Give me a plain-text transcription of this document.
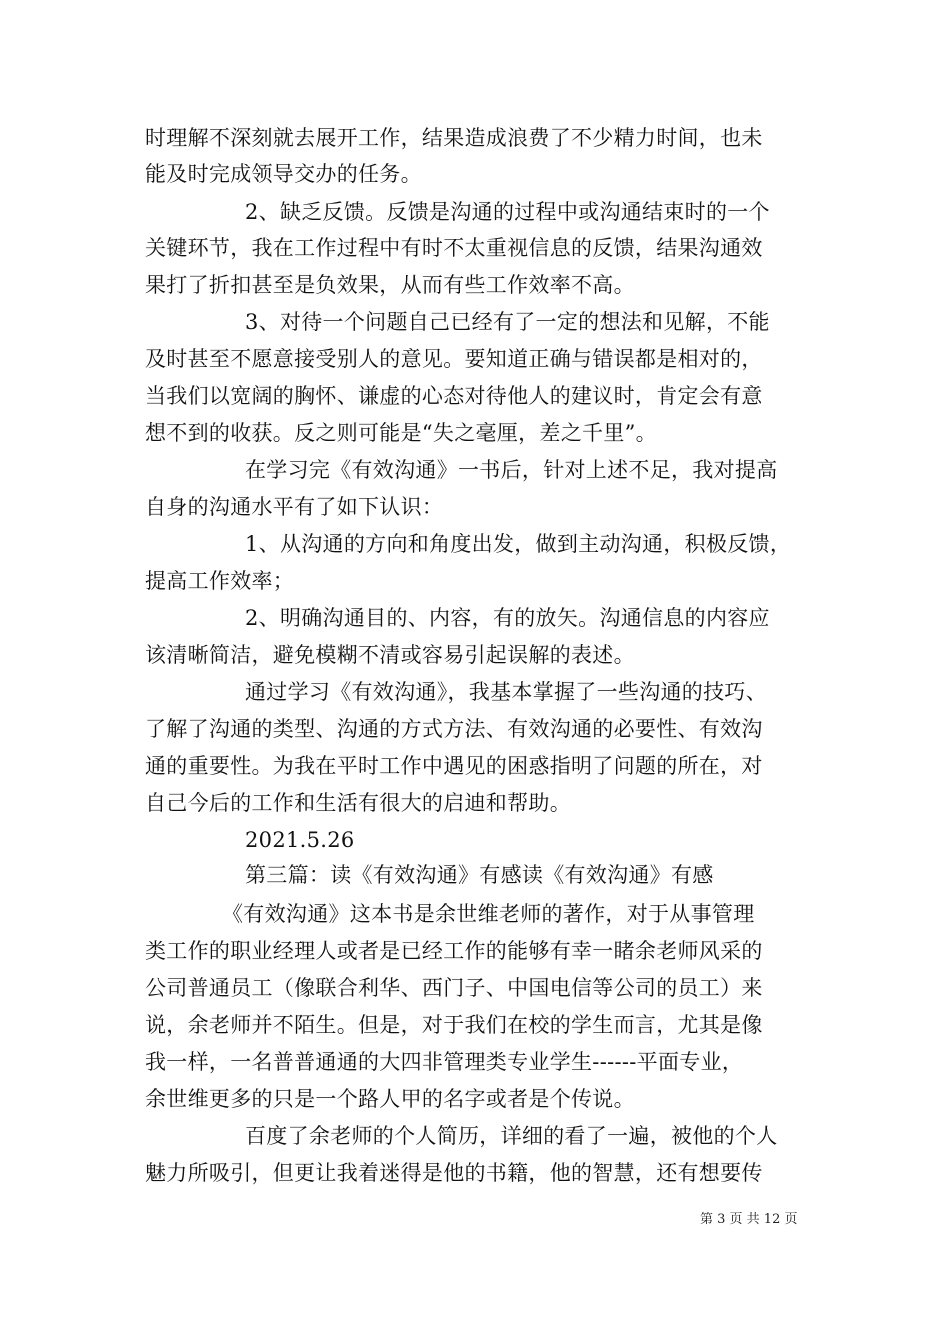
时理解不深刻就去展开工作，结果造成浪费了不少精力时间，也未
能及时完成领导交办的任务。
2、缺乏反馈。反馈是沟通的过程中或沟通结束时的一个
关键环节，我在工作过程中有时不太重视信息的反馈，结果沟通效
果打了折扣甚至是负效果，从而有些工作效率不高。
3、对待一个问题自己已经有了一定的想法和见解，不能
及时甚至不愿意接受别人的意见。要知道正确与错误都是相对的，
当我们以宽阔的胸怀、谦虚的心态对待他人的建议时，肯定会有意
想不到的收获。反之则可能是“失之毫厘，差之千里”。
在学习完《有效沟通》一书后，针对上述不足，我对提高
自身的沟通水平有了如下认识：
1、从沟通的方向和角度出发，做到主动沟通，积极反馈，
提高工作效率；
2、明确沟通目的、内容，有的放矢。沟通信息的内容应
该清晰简洁，避免模糊不清或容易引起误解的表述。
通过学习《有效沟通》，我基本掌握了一些沟通的技巧、
了解了沟通的类型、沟通的方式方法、有效沟通的必要性、有效沟
通的重要性。为我在平时工作中遇见的困惑指明了问题的所在，对
自己今后的工作和生活有很大的启迪和帮助。
2021.5.26
第三篇：读《有效沟通》有感读《有效沟通》有感
《有效沟通》这本书是余世维老师的著作，对于从事管理
类工作的职业经理人或者是已经工作的能够有幸一睹余老师风采的
公司普通员工（像联合利华、西门子、中国电信等公司的员工）来
说，余老师并不陌生。但是，对于我们在校的学生而言，尤其是像
我一样，一名普普通通的大四非管理类专业学生------平面专业，
余世维更多的只是一个路人甲的名字或者是个传说。
百度了余老师的个人简历，详细的看了一遍，被他的个人
魅力所吸引，但更让我着迷得是他的书籍，他的智慧，还有想要传
第 3 页 共 12 页
